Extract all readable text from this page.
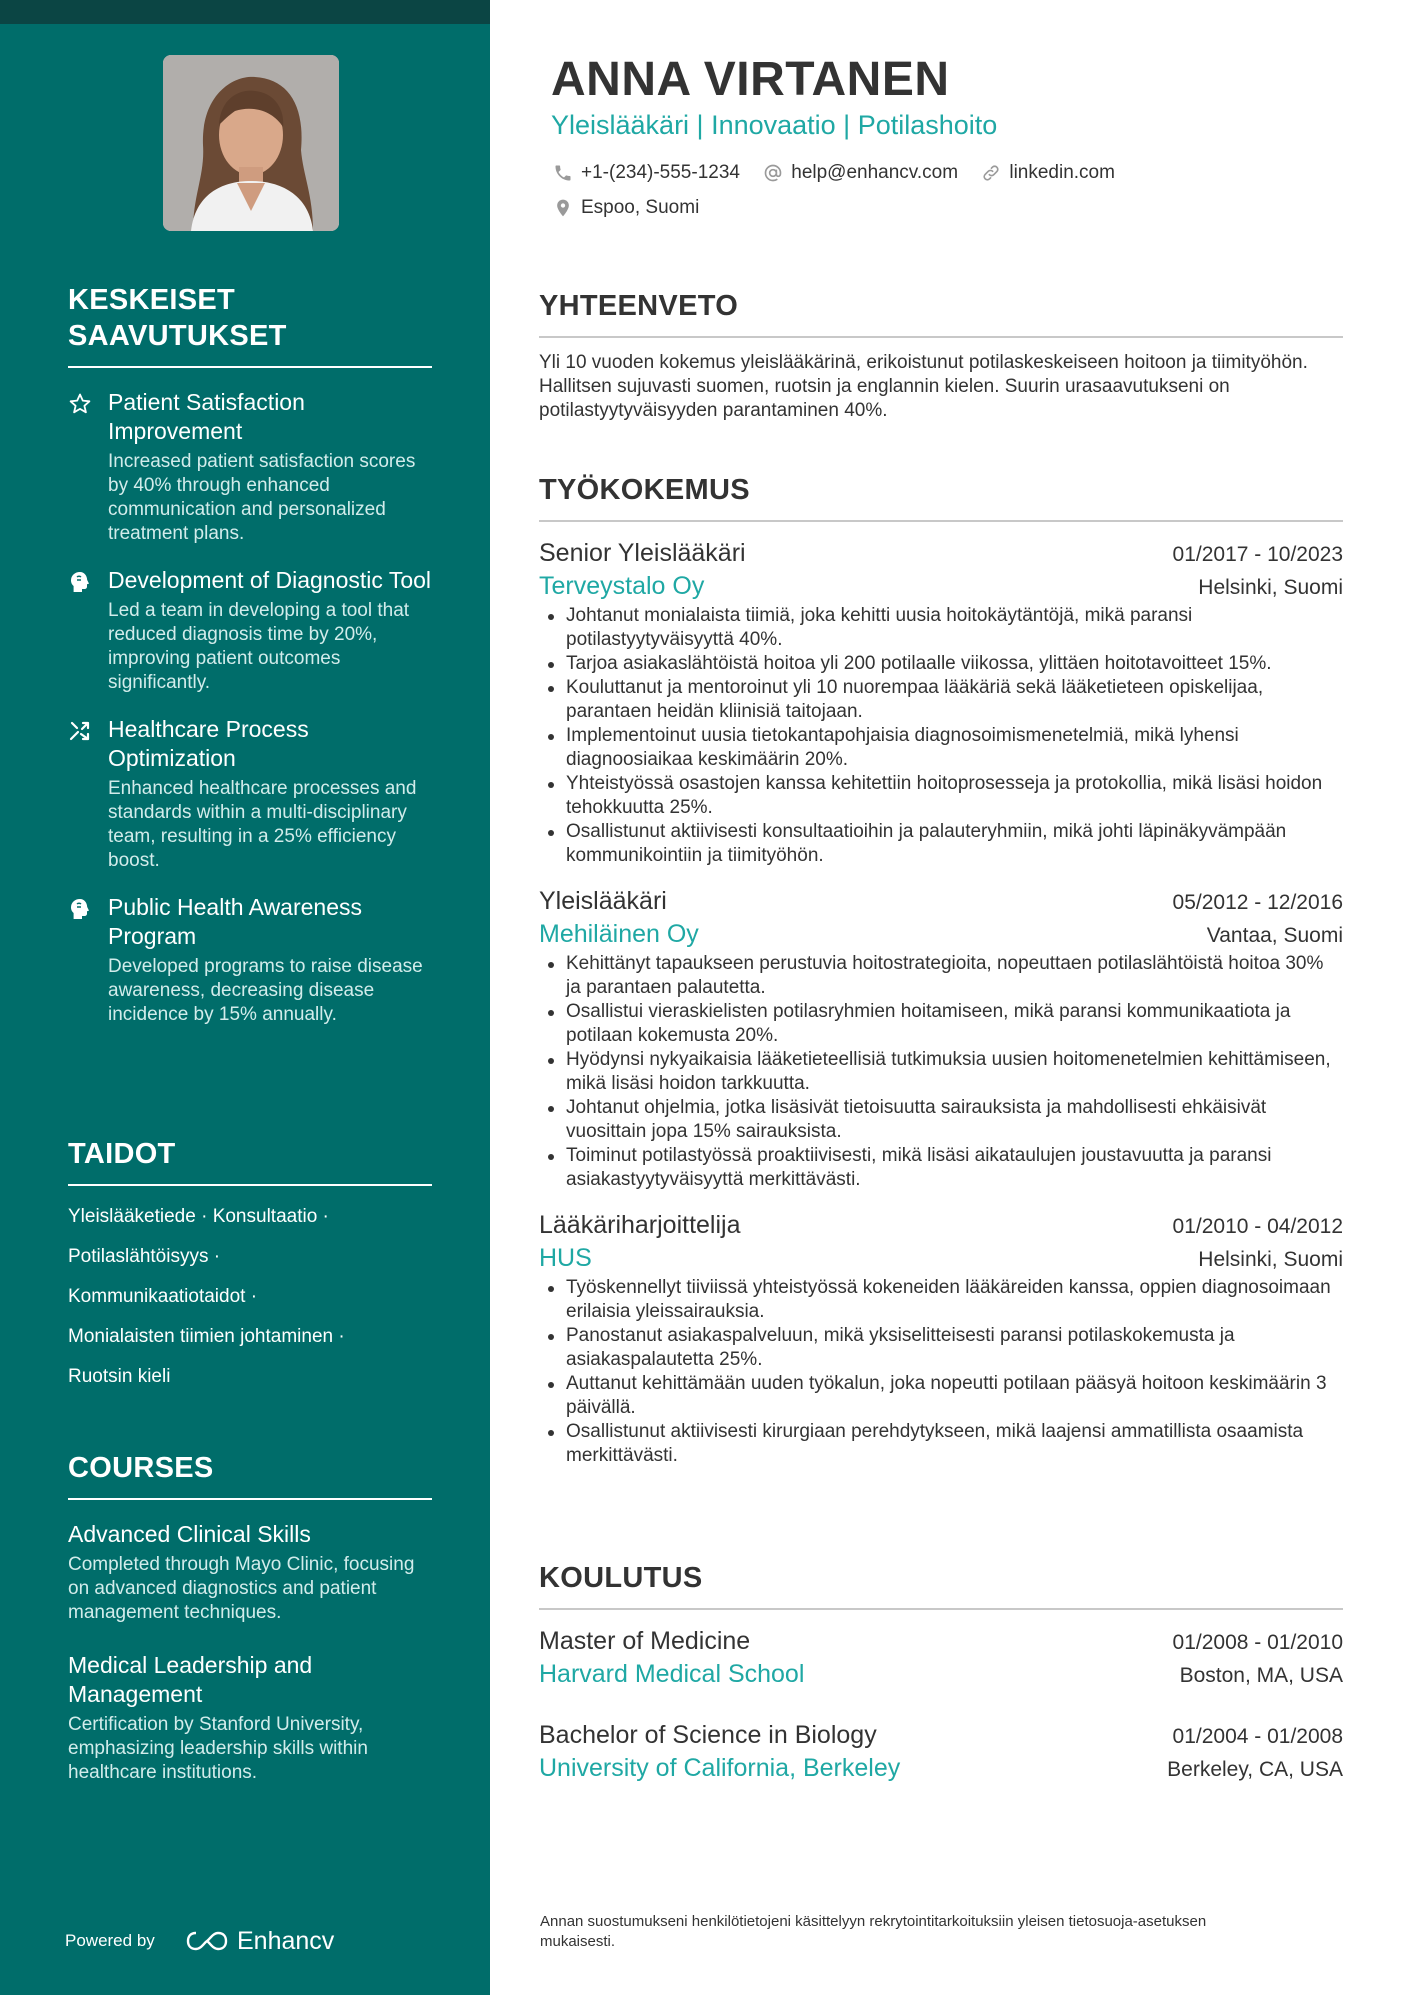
KESKEISET SAAVUTUKSET
Patient Satisfaction Improvement
Increased patient satisfaction scores by 40% through enhanced communication and personalized treatment plans.
Development of Diagnostic Tool
Led a team in developing a tool that reduced diagnosis time by 20%, improving patient outcomes significantly.
Healthcare Process Optimization
Enhanced healthcare processes and standards within a multi-disciplinary team, resulting in a 25% efficiency boost.
Public Health Awareness Program
Developed programs to raise disease awareness, decreasing disease incidence by 15% annually.
TAIDOT
Yleislääketiede · Konsultaatio ·
Potilaslähtöisyys ·
Kommunikaatiotaidot ·
Monialaisten tiimien johtaminen ·
Ruotsin kieli
COURSES
Advanced Clinical Skills
Completed through Mayo Clinic, focusing on advanced diagnostics and patient management techniques.
Medical Leadership and Management
Certification by Stanford University, emphasizing leadership skills within healthcare institutions.
Powered by	Enhancv
ANNA VIRTANEN
Yleislääkäri | Innovaatio | Potilashoito
+1-(234)-555-1234
	help@enhancv.com
	linkedin.com

Espoo, Suomi
YHTEENVETO

Yli 10 vuoden kokemus yleislääkärinä, erikoistunut potilaskeskeiseen hoitoon ja tiimityöhön. Hallitsen sujuvasti suomen, ruotsin ja englannin kielen. Suurin urasaavutukseni on potilastyytyväisyyden parantaminen 40%.

TYÖKOKEMUS
Senior Yleislääkäri	01/2017 - 10/2023
Terveystalo Oy	Helsinki, Suomi
Johtanut monialaista tiimiä, joka kehitti uusia hoitokäytäntöjä, mikä paransi potilastyytyväisyyttä 40%.
Tarjoa asiakaslähtöistä hoitoa yli 200 potilaalle viikossa, ylittäen hoitotavoitteet 15%.
Kouluttanut ja mentoroinut yli 10 nuorempaa lääkäriä sekä lääketieteen opiskelijaa, parantaen heidän kliinisiä taitojaan.
Implementoinut uusia tietokantapohjaisia diagnosoimismenetelmiä, mikä lyhensi diagnoosiaikaa keskimäärin 20%.
Yhteistyössä osastojen kanssa kehitettiin hoitoprosesseja ja protokollia, mikä lisäsi hoidon tehokkuutta 25%.
Osallistunut aktiivisesti konsultaatioihin ja palauteryhmiin, mikä johti läpinäkyvämpään kommunikointiin ja tiimityöhön.
Yleislääkäri	05/2012 - 12/2016
Mehiläinen Oy	Vantaa, Suomi
Kehittänyt tapaukseen perustuvia hoitostrategioita, nopeuttaen potilaslähtöistä hoitoa 30% ja parantaen palautetta.
Osallistui vieraskielisten potilasryhmien hoitamiseen, mikä paransi kommunikaatiota ja potilaan kokemusta 20%.
Hyödynsi nykyaikaisia lääketieteellisiä tutkimuksia uusien hoitomenetelmien kehittämiseen, mikä lisäsi hoidon tarkkuutta.
Johtanut ohjelmia, jotka lisäsivät tietoisuutta sairauksista ja mahdollisesti ehkäisivät vuosittain jopa 15% sairauksista.
Toiminut potilastyössä proaktiivisesti, mikä lisäsi aikataulujen joustavuutta ja paransi asiakastyytyväisyyttä merkittävästi.
Lääkäriharjoittelija	01/2010 - 04/2012
HUS	Helsinki, Suomi
Työskennellyt tiiviissä yhteistyössä kokeneiden lääkäreiden kanssa, oppien diagnosoimaan erilaisia yleissairauksia.
Panostanut asiakaspalveluun, mikä yksiselitteisesti paransi potilaskokemusta ja asiakaspalautetta 25%.
Auttanut kehittämään uuden työkalun, joka nopeutti potilaan pääsyä hoitoon keskimäärin 3 päivällä.
Osallistunut aktiivisesti kirurgiaan perehdytykseen, mikä laajensi ammatillista osaamista merkittävästi.
KOULUTUS
Master of Medicine	01/2008 - 01/2010
Harvard Medical School	Boston, MA, USA
Bachelor of Science in Biology	01/2004 - 01/2008
University of California, Berkeley	Berkeley, CA, USA
Annan suostumukseni henkilötietojeni käsittelyyn rekrytointitarkoituksiin yleisen tietosuoja-asetuksen mukaisesti.
